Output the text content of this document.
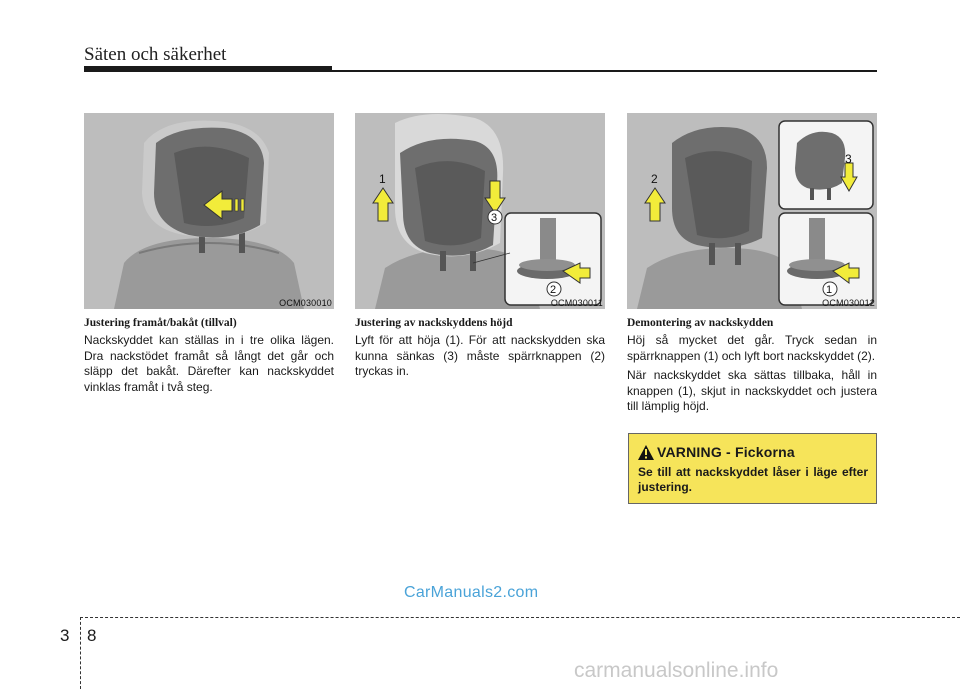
Säten och säkerhet
OCM030010
1
3
2
OCM030011
2
3
1
OCM030012
Justering framåt/bakåt (tillval)

Nackskyddet kan ställas in i tre olika lägen. Dra nackstödet framåt så långt det går och släpp det bakåt. Därefter kan nackskyddet vinklas framåt i två steg.

Justering av nackskyddens höjd

Lyft för att höja (1). För att nackskydden ska kunna sänkas (3) måste spärrknappen (2) tryckas in.

Demontering av nackskydden

Höj så mycket det går. Tryck sedan in spärrknappen (1) och lyft bort nackskyddet (2).

När nackskyddet ska sättas tillbaka, håll in knappen (1), skjut in nackskyddet och justera till lämplig höjd.

VARNING - Fickorna
Se till att nackskyddet låser i läge efter justering.
CarManuals2.com
3 8
carmanualsonline.info
